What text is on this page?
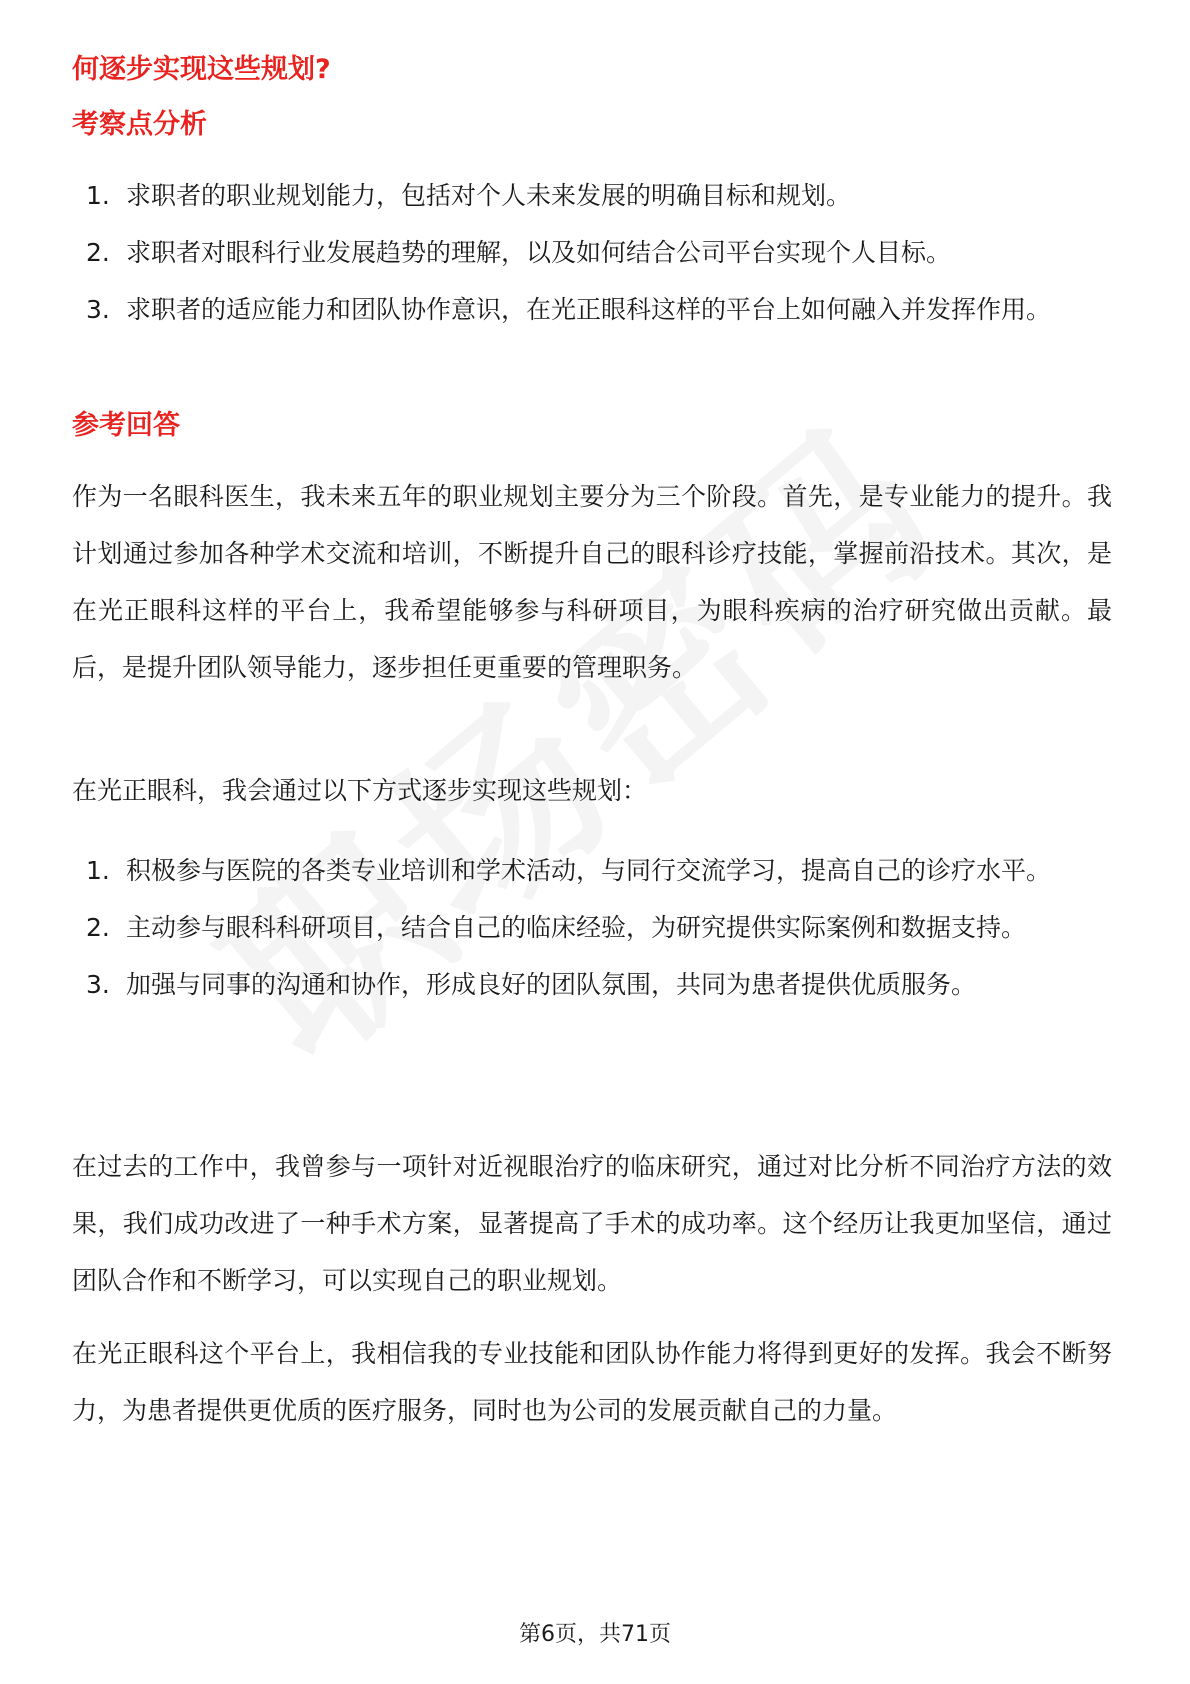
何逐步实现这些规划?
考察点分析
1. 求职者的职业规划能力，包括对个人未来发展的明确目标和规划。
2. 求职者对眼科行业发展趋势的理解，以及如何结合公司平台实现个人目标。
3. 求职者的适应能力和团队协作意识，在光正眼科这样的平台上如何融入并发挥作用。
参考回答

作为一名眼科医生，我未来五年的职业规划主要分为三个阶段。首先，是专业能力的提升。我计划通过参加各种学术交流和培训，不断提升自己的眼科诊疗技能，掌握前沿技术。其次，是在光正眼科这样的平台上，我希望能够参与科研项目，为眼科疾病的治疗研究做出贡献。最后，是提升团队领导能力，逐步担任更重要的管理职务。

在光正眼科，我会通过以下方式逐步实现这些规划：

1. 积极参与医院的各类专业培训和学术活动，与同行交流学习，提高自己的诊疗水平。
2. 主动参与眼科科研项目，结合自己的临床经验，为研究提供实际案例和数据支持。
3. 加强与同事的沟通和协作，形成良好的团队氛围，共同为患者提供优质服务。

在过去的工作中，我曾参与一项针对近视眼治疗的临床研究，通过对比分析不同治疗方法的效果，我们成功改进了一种手术方案，显著提高了手术的成功率。这个经历让我更加坚信，通过团队合作和不断学习，可以实现自己的职业规划。

在光正眼科这个平台上，我相信我的专业技能和团队协作能力将得到更好的发挥。我会不断努力，为患者提供更优质的医疗服务，同时也为公司的发展贡献自己的力量。

第6页，共71页
